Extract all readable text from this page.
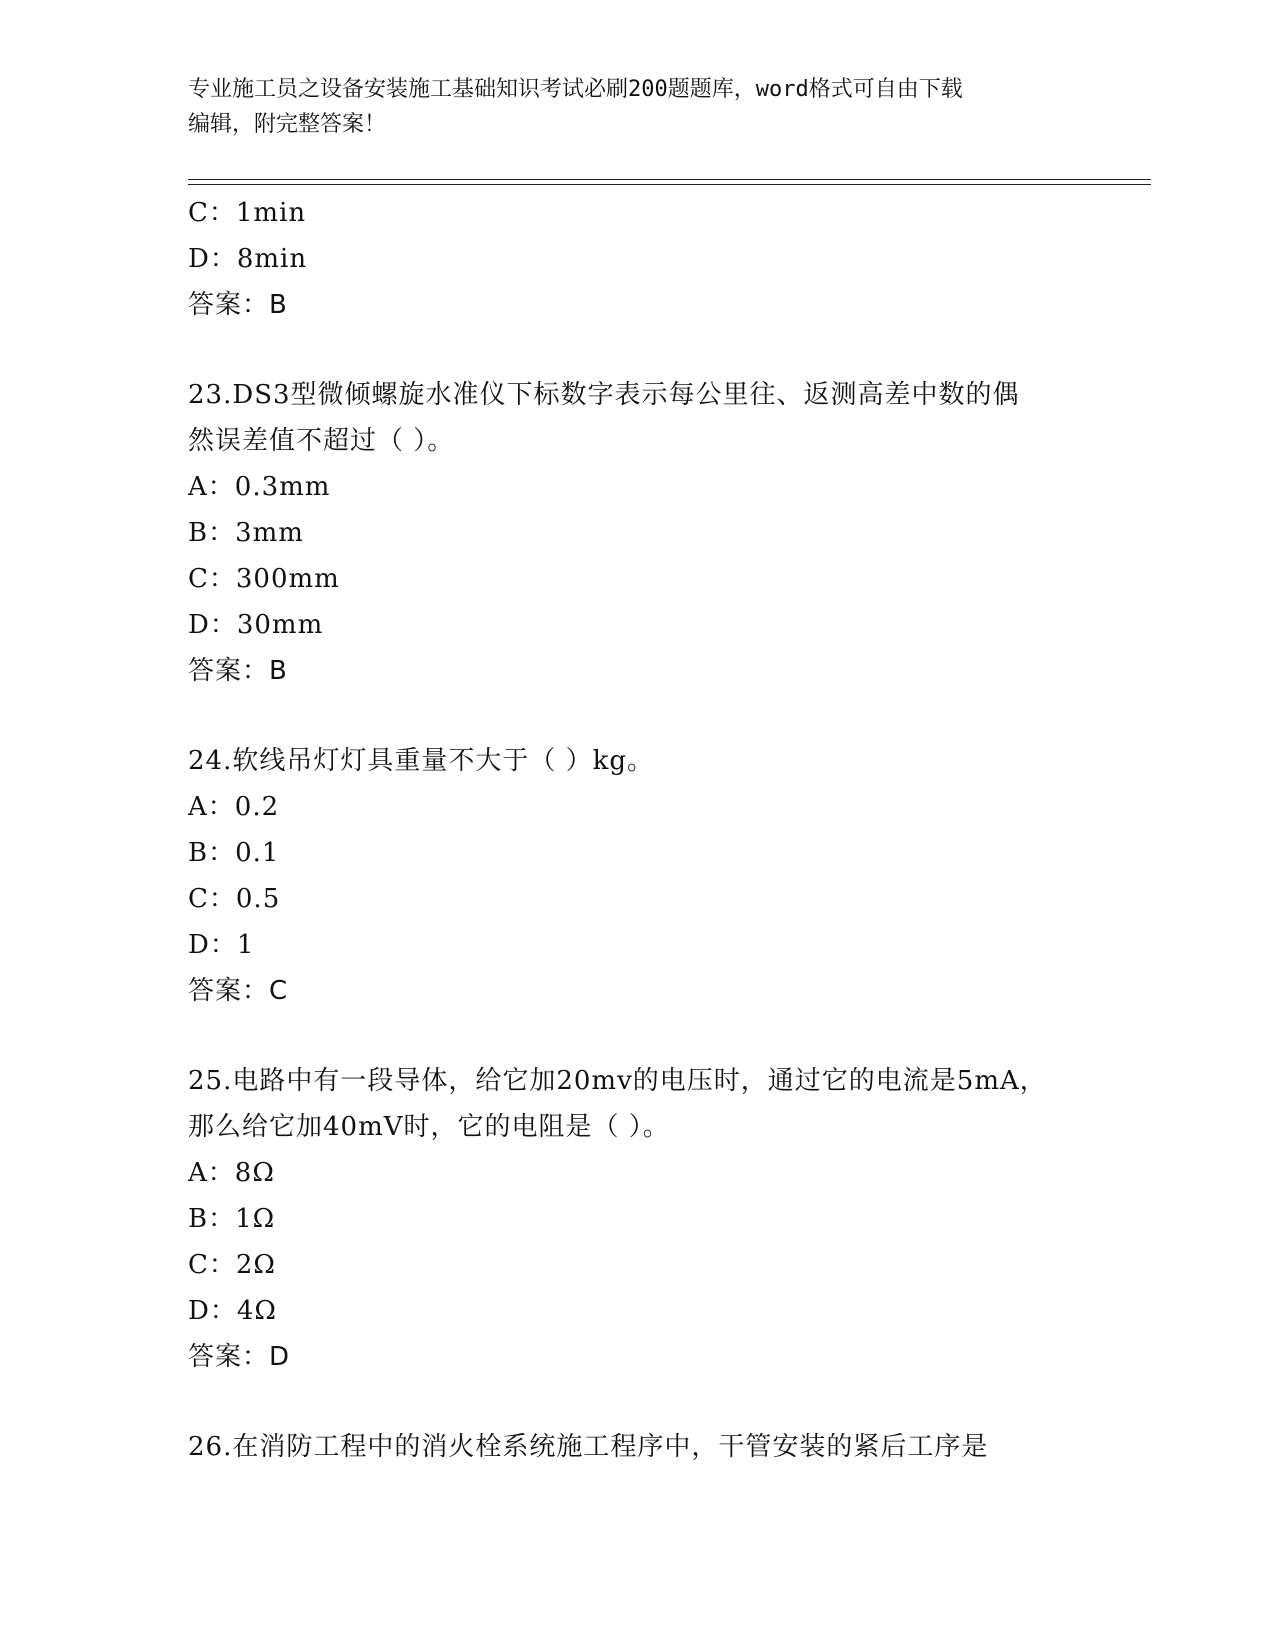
专业施工员之设备安装施工基础知识考试必刷200题题库，word格式可自由下载
编辑，附完整答案！
C：1min
D：8min
答案：B
23.DS3型微倾螺旋水准仪下标数字表示每公里往、返测高差中数的偶
然误差值不超过（ ）。
A：0.3mm
B：3mm
C：300mm
D：30mm
答案：B
24.软线吊灯灯具重量不大于（ ）kg。
A：0.2
B：0.1
C：0.5
D：1
答案：C
25.电路中有一段导体，给它加20mv的电压时，通过它的电流是5mA，
那么给它加40mV时，它的电阻是（ ）。
A：8Ω
B：1Ω
C：2Ω
D：4Ω
答案：D
26.在消防工程中的消火栓系统施工程序中，干管安装的紧后工序是
